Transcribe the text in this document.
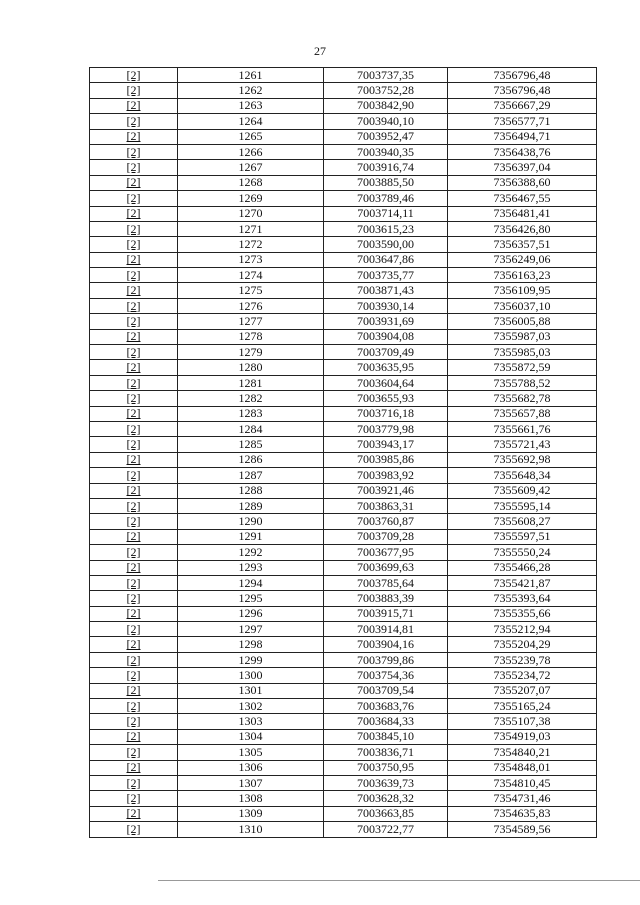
27
[2]	1261	7003737,35	7356796,48
[2]	1262	7003752,28	7356796,48
[2]	1263	7003842,90	7356667,29
[2]	1264	7003940,10	7356577,71
[2]	1265	7003952,47	7356494,71
[2]	1266	7003940,35	7356438,76
[2]	1267	7003916,74	7356397,04
[2]	1268	7003885,50	7356388,60
[2]	1269	7003789,46	7356467,55
[2]	1270	7003714,11	7356481,41
[2]	1271	7003615,23	7356426,80
[2]	1272	7003590,00	7356357,51
[2]	1273	7003647,86	7356249,06
[2]	1274	7003735,77	7356163,23
[2]	1275	7003871,43	7356109,95
[2]	1276	7003930,14	7356037,10
[2]	1277	7003931,69	7356005,88
[2]	1278	7003904,08	7355987,03
[2]	1279	7003709,49	7355985,03
[2]	1280	7003635,95	7355872,59
[2]	1281	7003604,64	7355788,52
[2]	1282	7003655,93	7355682,78
[2]	1283	7003716,18	7355657,88
[2]	1284	7003779,98	7355661,76
[2]	1285	7003943,17	7355721,43
[2]	1286	7003985,86	7355692,98
[2]	1287	7003983,92	7355648,34
[2]	1288	7003921,46	7355609,42
[2]	1289	7003863,31	7355595,14
[2]	1290	7003760,87	7355608,27
[2]	1291	7003709,28	7355597,51
[2]	1292	7003677,95	7355550,24
[2]	1293	7003699,63	7355466,28
[2]	1294	7003785,64	7355421,87
[2]	1295	7003883,39	7355393,64
[2]	1296	7003915,71	7355355,66
[2]	1297	7003914,81	7355212,94
[2]	1298	7003904,16	7355204,29
[2]	1299	7003799,86	7355239,78
[2]	1300	7003754,36	7355234,72
[2]	1301	7003709,54	7355207,07
[2]	1302	7003683,76	7355165,24
[2]	1303	7003684,33	7355107,38
[2]	1304	7003845,10	7354919,03
[2]	1305	7003836,71	7354840,21
[2]	1306	7003750,95	7354848,01
[2]	1307	7003639,73	7354810,45
[2]	1308	7003628,32	7354731,46
[2]	1309	7003663,85	7354635,83
[2]	1310	7003722,77	7354589,56
